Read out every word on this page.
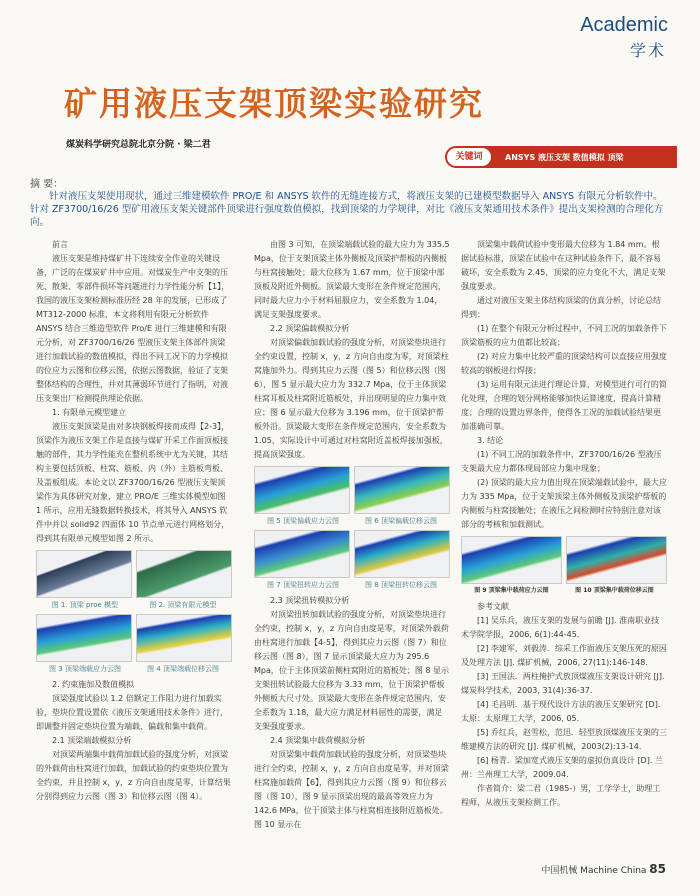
Academic
学术
矿用液压支架顶梁实验研究
煤炭科学研究总院北京分院 · 梁二君
关键词	ANSYS 液压支架 数值模拟 顶梁
摘 要：
针对液压支架使用现状，通过三维建模软件 PRO/E 和 ANSYS 软件的无缝连接方式，将液压支架的已建模型数据导入 ANSYS 有限元分析软件中。针对 ZF3700/16/26 型矿用液压支架关键部件顶梁进行强度数值模拟，找到顶梁的力学规律，对比《液压支架通用技术条件》提出支架检测的合理化方向。

前言

液压支架是维持煤矿井下连续安全作业的关键设备，广泛的在煤炭矿井中应用。对煤炭生产中支架的压死、散架、零部件损坏等问题进行力学性能分析【1】，我国的液压支架检测标准历经 28 年的发展，已形成了 MT312-2000 标准，本文将利用有限元分析软件 ANSYS 结合三维造型软件 Pro/E 进行三维建模和有限元分析，对 ZF3700/16/26 型液压支架主体部件顶梁进行加载试验的数值模拟，得出不同工况下的力学模拟的位应力云图和位移云图，依据云图数据，验证了支架整体结构的合理性，并对其薄弱环节进行了指明，对液压支架出厂检测提供理论依据。

1. 有限单元模型建立

液压支架顶梁是由对多块钢板焊接而成得【2-3】，顶梁作为液压支架工作是直接与煤矿开采工作面顶板接触的部件，其力学性能充在整机系统中尤为关键，其结构主要包括顶板、柱窝、筋板、内（外）主筋板弯板、及盖板组成。本论文以 ZF3700/16/26 型液压支架顶梁作为具体研究对象，建立 PRO/E 三维实体模型如图 1 所示，应用无缝数据转换技术，将其导入 ANSYS 软件中并以 solid92 四面体 10 节点单元进行网格划分，得到其有限单元模型如图 2 所示。

图 1. 顶梁 proe 模型	图 2. 顶梁有限元模型
图 3 顶梁端载应力云图	图 4 顶梁端载位移云图

2. 约束施加及数值模拟

顶梁强度试验以 1.2 倍额定工作阻力进行加载实验，垫块位置设置依《液压支架通用技术条件》进行，即调整并固定垫块位置为端载、偏载和集中载荷。

2.1 顶梁端载模拟分析

对顶梁两端集中载荷加载试验的强度分析，对顶梁的外载荷由柱窝进行加载，加载试验的约束垫块位置为全约束，并且控制 x，y，z 方向自由度是零，计算结果分别得到应力云图（图 3）和位移云图（图 4）。

由图 3 可知，在顶梁端载试验的最大应力为 335.5 Mpa，位于支架顶梁主体外侧板及顶梁护帮板的内侧板与柱窝接触处；最大位移为 1.67 mm，位于顶梁中部顶板及附近外侧板。顶梁最大变形在条件规定范围内，同时最大应力小于材料屈服应力，安全系数为 1.04，满足支架强度要求。

2.2 顶梁偏载模拟分析

对顶梁偏载加载试验的强度分析，对顶梁垫块进行全约束设置，控制 x，y，z 方向自由度为零，对顶梁柱窝施加外力。得到其应力云图（图 5）和位移云图（图 6），图 5 显示最大应力为 332.7 Mpa，位于主体顶梁柱窝耳板及柱窝附近筋板处，并出现明显的应力集中效应；图 6 显示最大位移为 3.196 mm，位于顶梁护帮板外沿。顶梁最大变形在条件规定范围内，安全系数为 1.05，实际设计中可通过对柱窝附近盖板焊接加强板，提高顶梁强度。

图 5 顶梁偏载应力云图	图 6 顶梁偏载位移云图
图 7 顶梁扭转应力云图	图 8 顶梁扭转位移云图

2.3 顶梁扭转模拟分析

对顶梁扭转加载试验的强度分析，对顶梁垫块进行全约束，控制 x，y，z 方向自由度是零，对顶梁外载荷由柱窝进行加载【4-5】，得到其应力云图（图 7）和位移云图（图 8），图 7 显示顶梁最大应力为 295.6 Mpa，位于主体顶梁前侧柱窝附近的筋板处；图 8 显示支架扭转试验最大位移为 3.33 mm，位于顶梁护帮板外侧板大尺寸处。顶梁最大变形在条件规定范围内，安全系数为 1.18，最大应力满足材料屈性的需要，满足支架强度要求。

2.4 顶梁集中载荷模拟分析

对顶梁集中载荷加载试验的强度分析，对顶梁垫块进行全约束，控制 x，y，z 方向自由度是零，并对顶梁柱窝施加载荷【6】，得到其应力云图（图 9）和位移云图（图 10），图 9 显示顶梁出现的最高等效应力为 142.6 MPa，位于顶梁主体与柱窝相连接附近筋板处。图 10 显示在

顶梁集中载荷试验中变形最大位移为 1.84 mm。根据试验标准，顶梁在试验中在这种试验条件下，最不容易破坏，安全系数为 2.45，顶梁的应力变化不大，满足支架强度要求。

通过对液压支架主体结构顶梁的仿真分析，讨论总结得到：

(1) 在整个有限元分析过程中，不同工况的加载条件下顶梁筋板的应力值都比较高；

(2) 对应力集中比较严重的顶梁结构可以直接应用强度较高的钢板进行焊接；

(3) 运用有限元法进行理论计算，对模型进行可行的简化处理，合理的划分网格能够加快运算速度，提高计算精度；合理的设置边界条件，使得各工况的加载试验结果更加准确可靠。

3. 结论

(1) 不同工况的加载条件中，ZF3700/16/26 型液压支架最大应力都体现局部应力集中现象；

(2) 顶梁的最大应力值出现在顶梁端载试验中，最大应力为 335 Mpa，位于支架顶梁主体外侧板及顶梁护帮板的内侧板与柱窝接触处；在液压之间检测时应特别注意对该部分的考核和加载测试。

图 9 顶梁集中载荷应力云图	图 10 顶梁集中载荷位移云图

参考文献

[1] 吴乐兵，液压支架的发展与前瞻 [J]. 淮南职业技术学院学报，2006, 6(1):44-45.

[2] 李建军，刘毅涛．综采工作面液压支架压死的原因及处理方法 [J]. 煤矿机械，2006, 27(11):146-148.

[3] 王国法．两柱掩护式放顶煤液压支架设计研究 [J]. 煤炭科学技术，2003, 31(4):36-37.

[4] 毛昌明．基于现代设计方法的液压支架研究 [D]. 太原：太原理工大学，2006, 05.

[5] 乔红兵，赵雪松，范迅．轻型放顶煤液压支架的三维建模方法的研究 [J]. 煤矿机械，2003(2):13-14.

[6] 杨青．梁加宽式液压支架的虚拟仿真设计 [D]. 兰州：兰州理工大学，2009.04.

作者简介：梁二君（1985-）男，工学学士，助理工程师，从液压支架检测工作。

中国机械 Machine China 85
